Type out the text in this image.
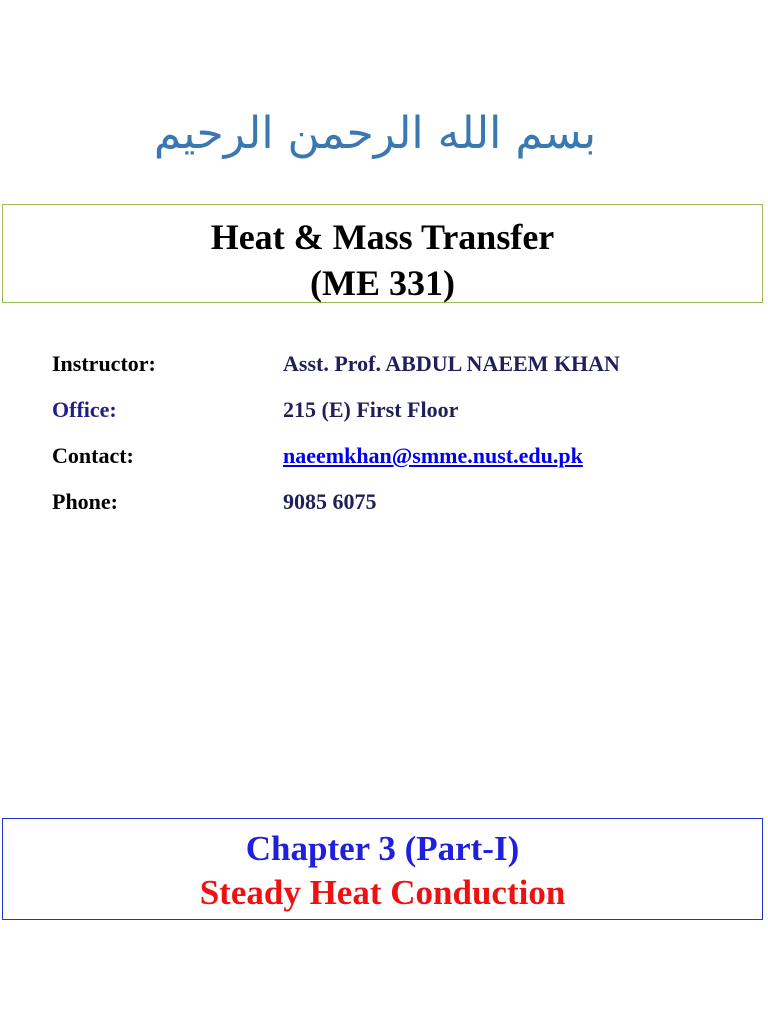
بسم الله الرحمن الرحيم
Heat & Mass Transfer
(ME 331)
Instructor:	Asst. Prof. ABDUL NAEEM KHAN
Office:	215 (E) First Floor
Contact:	naeemkhan@smme.nust.edu.pk
Phone:	9085 6075
Chapter 3 (Part-I)
Steady Heat Conduction
